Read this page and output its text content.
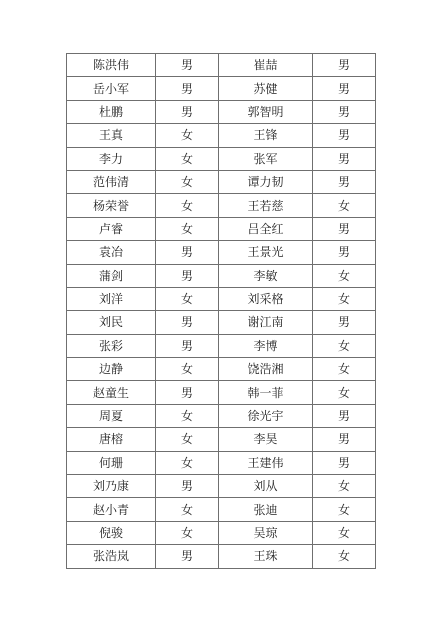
陈洪伟	男	崔喆	男
岳小军	男	苏健	男
杜鹏	男	郭智明	男
王真	女	王锋	男
李力	女	张军	男
范伟清	女	谭力韧	男
杨荣誉	女	王若慈	女
卢睿	女	吕全红	男
袁冶	男	王景光	男
蒲剑	男	李敏	女
刘洋	女	刘采格	女
刘民	男	谢江南	男
张彩	男	李博	女
边静	女	饶浩湘	女
赵童生	男	韩一菲	女
周夏	女	徐光宇	男
唐榕	女	李昊	男
何珊	女	王建伟	男
刘乃康	男	刘从	女
赵小青	女	张迪	女
倪骏	女	吴琼	女
张浩岚	男	王珠	女
